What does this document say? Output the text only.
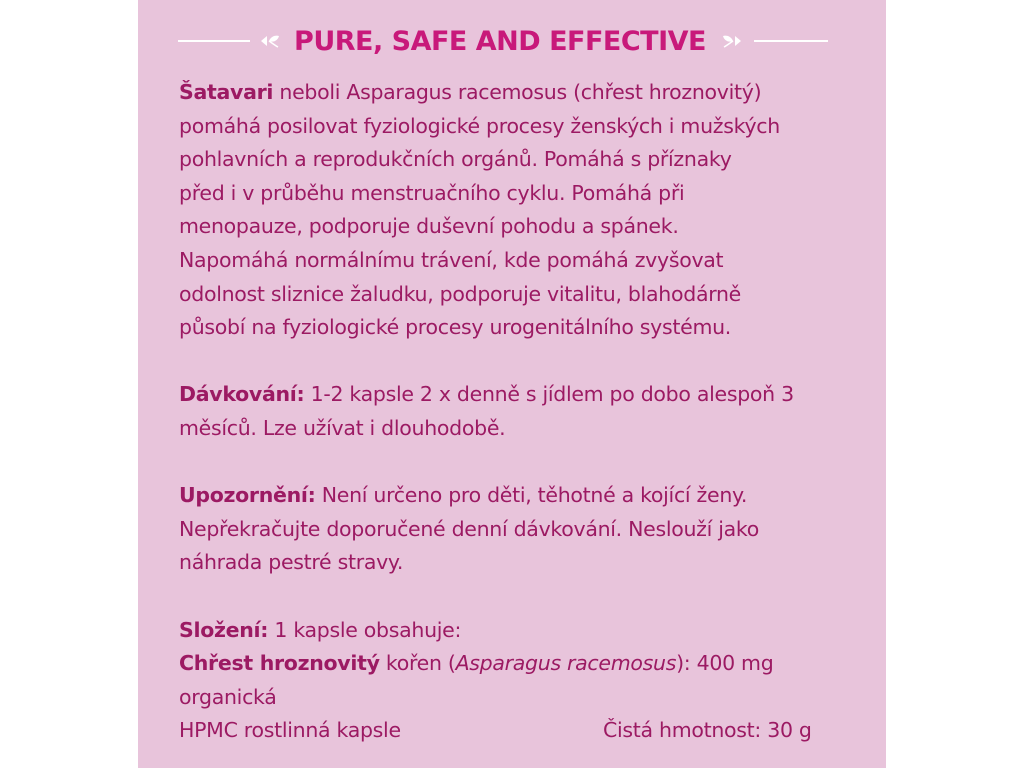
PURE, SAFE AND EFFECTIVE

Šatavari neboli Asparagus racemosus (chřest hroznovitý)

pomáhá posilovat fyziologické procesy ženských i mužských

pohlavních a reprodukčních orgánů. Pomáhá s příznaky

před i v průběhu menstruačního cyklu. Pomáhá při

menopauze, podporuje duševní pohodu a spánek.

Napomáhá normálnímu trávení, kde pomáhá zvyšovat

odolnost sliznice žaludku, podporuje vitalitu, blahodárně

působí na fyziologické procesy urogenitálního systému.

Dávkování: 1-2 kapsle 2 x denně s jídlem po dobo alespoň 3

měsíců. Lze užívat i dlouhodobě.

Upozornění: Není určeno pro děti, těhotné a kojící ženy.

Nepřekračujte doporučené denní dávkování. Neslouží jako

náhrada pestré stravy.

Složení: 1 kapsle obsahuje:

Chřest hroznovitý kořen (Asparagus racemosus): 400 mg

organická

HPMC rostlinná kapsle	Čistá hmotnost: 30 g
